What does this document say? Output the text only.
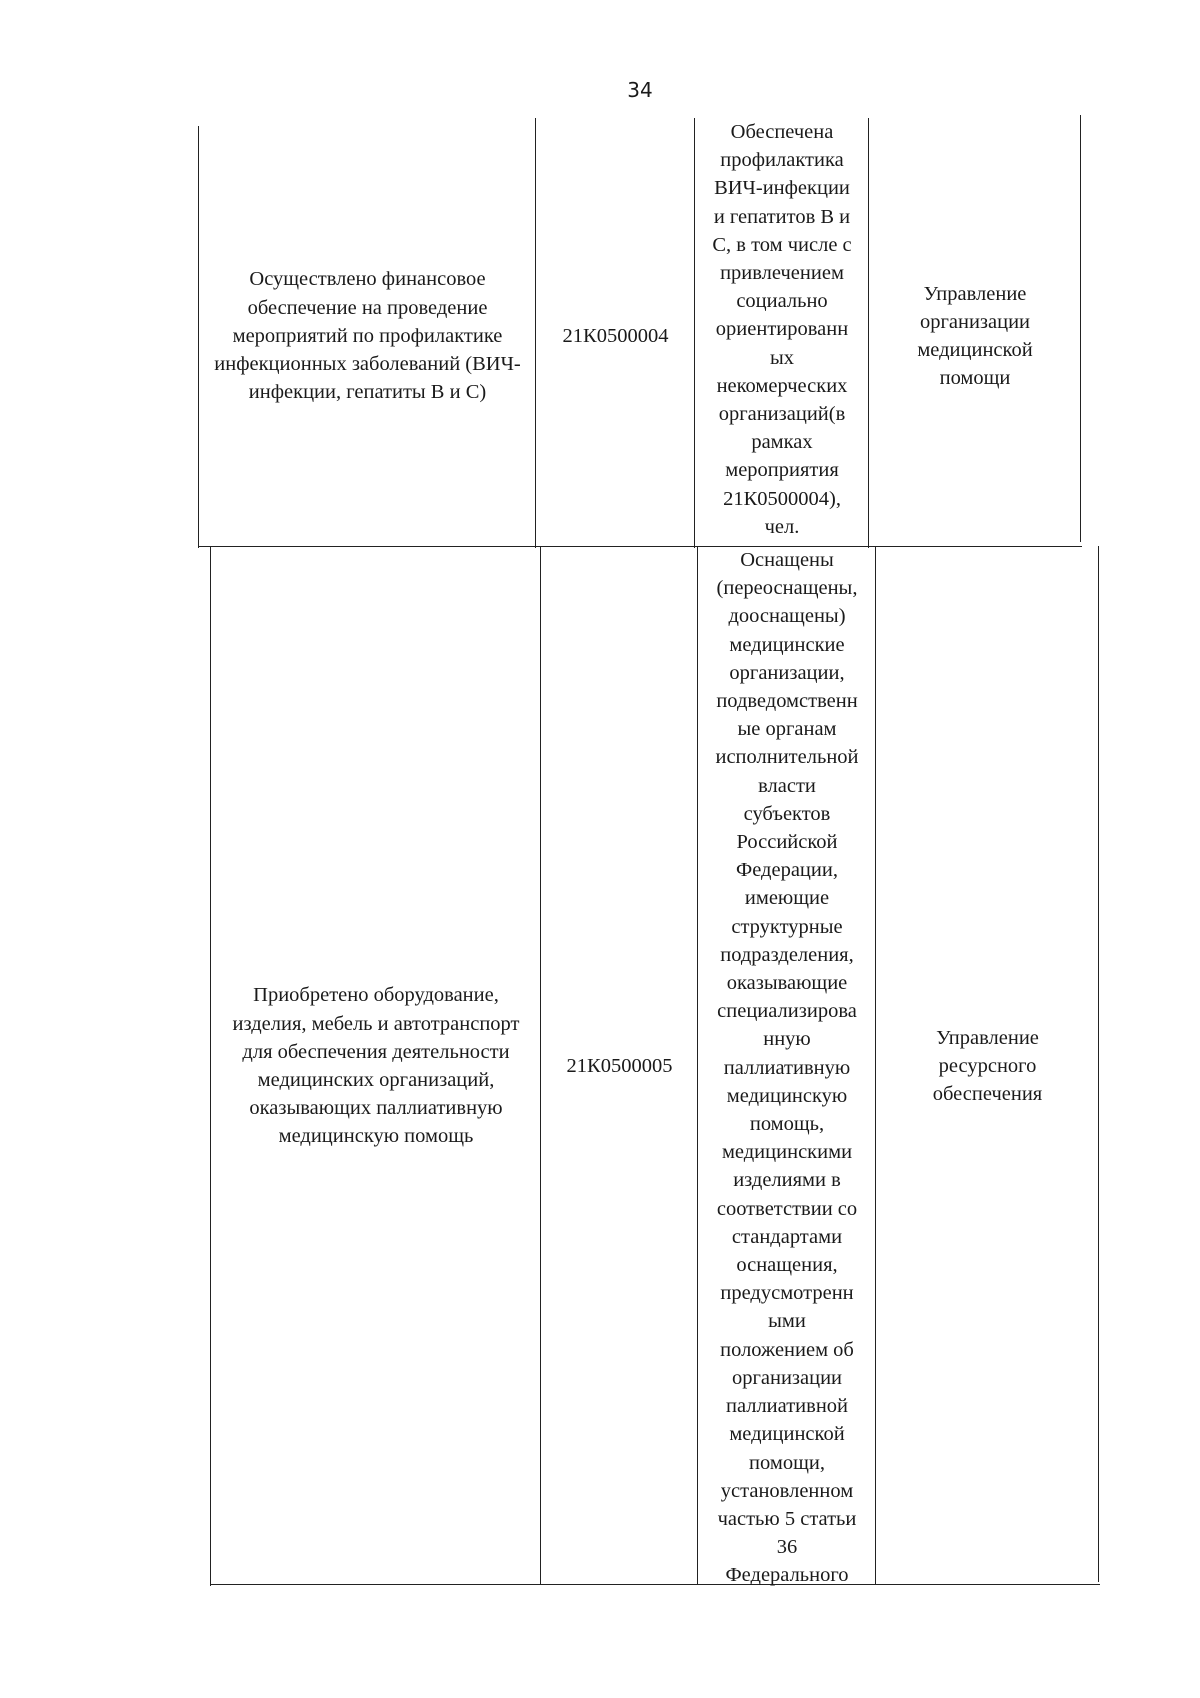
34
Осуществлено финансовое обеспечение на проведение мероприятий по профилактике инфекционных заболеваний (ВИЧ-инфекции, гепатиты В и С)
21К0500004
Обеспечена
профилактика
ВИЧ-инфекции
и гепатитов В и
С, в том числе с
привлечением
социально
ориентированн
ых
некомерческих
организаций(в
рамках
мероприятия
21К0500004),
чел.
Управление организации медицинской помощи
Приобретено оборудование, изделия, мебель и автотранспорт для обеспечения деятельности медицинских организаций, оказывающих паллиативную медицинскую помощь
21К0500005
Оснащены
(переоснащены,
дооснащены)
медицинские
организации,
подведомственн
ые органам
исполнительной
власти
субъектов
Российской
Федерации,
имеющие
структурные
подразделения,
оказывающие
специализирова
нную
паллиативную
медицинскую
помощь,
медицинскими
изделиями в
соответствии со
стандартами
оснащения,
предусмотренн
ыми
положением об
организации
паллиативной
медицинской
помощи,
установленном
частью 5 статьи
36
Федерального
Управление ресурсного обеспечения
